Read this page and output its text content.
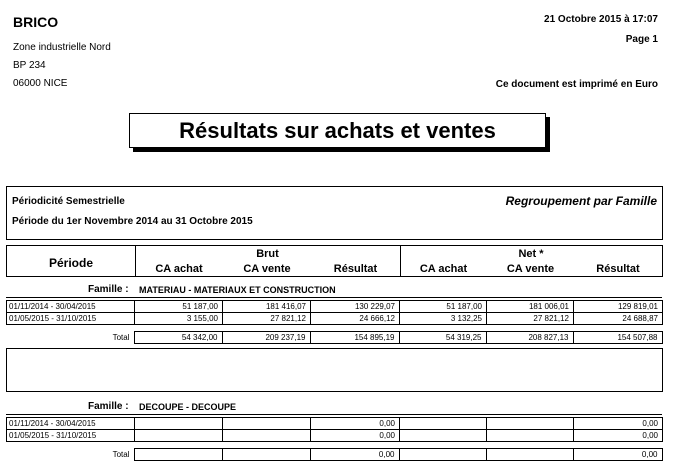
BRICO
Zone industrielle Nord
BP 234
06000 NICE
21 Octobre 2015 à 17:07
Page 1
Ce document est imprimé en Euro
Résultats sur achats et ventes
Périodicité Semestrielle
Période du 1er Novembre 2014 au 31 Octobre 2015
Regroupement par Famille
Période
Brut	Net *
CA achat	CA vente	Résultat	CA achat	CA vente	Résultat
Famille : MATERIAU - MATERIAUX ET CONSTRUCTION
01/11/2014 - 30/04/2015	51 187,00	181 416,07	130 229,07	51 187,00	181 006,01	129 819,01
01/05/2015 - 31/10/2015	3 155,00	27 821,12	24 666,12	3 132,25	27 821,12	24 688,87
Total	54 342,00	209 237,19	154 895,19	54 319,25	208 827,13	154 507,88
Famille : DECOUPE - DECOUPE
01/11/2014 - 30/04/2015			0,00			0,00
01/05/2015 - 31/10/2015			0,00			0,00
Total			0,00			0,00
